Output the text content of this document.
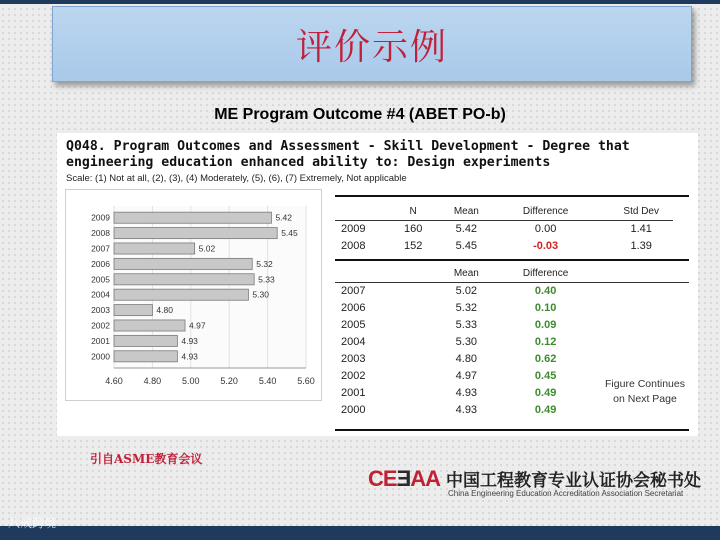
评价示例
ME Program Outcome #4 (ABET PO-b)
Q048. Program Outcomes and Assessment - Skill Development - Degree that engineering education enhanced ability to: Design experiments
Scale: (1) Not at all, (2), (3), (4) Moderately, (5), (6), (7) Extremely, Not applicable
4.60 4.80 5.00 5.20 5.40 5.60
2009	5.42
2008	5.45
2007	5.02
2006	5.32
2005	5.33
2004	5.30
2003	4.80
2002	4.97
2001	4.93
2000	4.93
	N	Mean	Difference	Std Dev
2009	160	5.42	0.00	1.41
2008	152	5.45	-0.03	1.39
		Mean	Difference	
2007		5.02	0.40	
2006		5.32	0.10	
2005		5.33	0.09	
2004		5.30	0.12	
2003		4.80	0.62	
2002		4.97	0.45	
2001		4.93	0.49	
2000		4.93	0.49	
Figure Continues
on Next Page
引自ASME教育会议
CEƎAA 中国工程教育专业认证协会秘书处
China Engineering Education Accreditation Association Secretariat
八戒跨境
